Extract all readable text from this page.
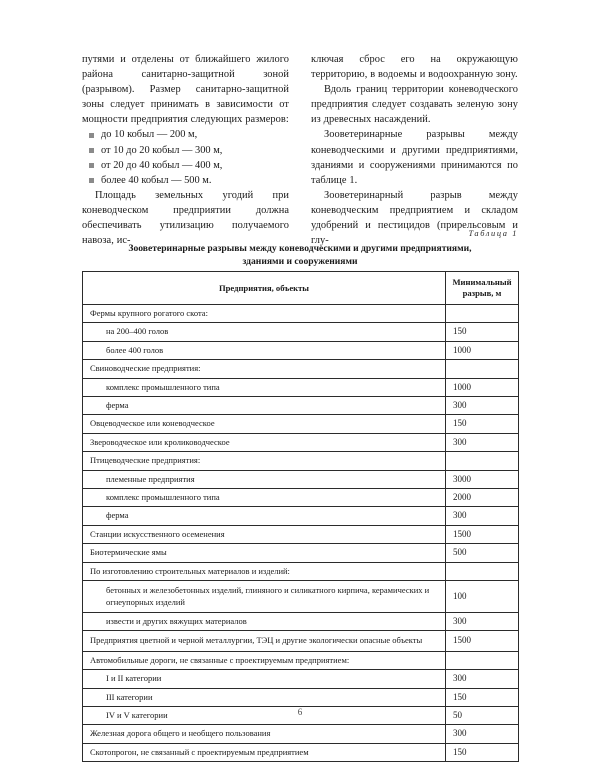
путями и отделены от ближайшего жилого района санитарно-защитной зоной (разрывом). Размер санитарно-защитной зоны следует принимать в зависимости от мощности предприятия следующих размеров:

до 10 кобыл — 200 м,
от 10 до 20 кобыл — 300 м,
от 20 до 40 кобыл — 400 м,
более 40 кобыл — 500 м.

Площадь земельных угодий при коневодческом предприятии должна обеспечивать утилизацию получаемого навоза, ис-

ключая сброс его на окружающую территорию, в водоемы и водоохранную зону.

Вдоль границ территории коневодческого предприятия следует создавать зеленую зону из древесных насаждений.

Зооветеринарные разрывы между коневодческими и другими предприятиями, зданиями и сооружениями принимаются по таблице 1.

Зооветеринарный разрыв между коневодческим предприятием и складом удобрений и пестицидов (прирельсовым и глу-

Таблица 1
Зооветеринарные разрывы между коневодческими и другими предприятиями,
зданиями и сооружениями
Предприятия, объекты	Минимальный
разрыв, м
Фермы крупного рогатого скота:	
на 200–400 голов	150
более 400 голов	1000
Свиноводческие предприятия:	
комплекс промышленного типа	1000
ферма	300
Овцеводческое или коневодческое	150
Звероводческое или кролиководческое	300
Птицеводческие предприятия:	
племенные предприятия	3000
комплекс промышленного типа	2000
ферма	300
Станции искусственного осеменения	1500
Биотермические ямы	500
По изготовлению строительных материалов и изделий:	
бетонных и железобетонных изделий, глиняного и силикатного кирпича, керамических и огнеупорных изделий	100
извести и других вяжущих материалов	300
Предприятия цветной и черной металлургии, ТЭЦ и другие экологически опасные объекты	1500
Автомобильные дороги, не связанные с проектируемым предприятием:	
I и II категории	300
III категории	150
IV и V категории	50
Железная дорога общего и необщего пользования	300
Скотопрогон, не связанный с проектируемым предприятием	150
6
